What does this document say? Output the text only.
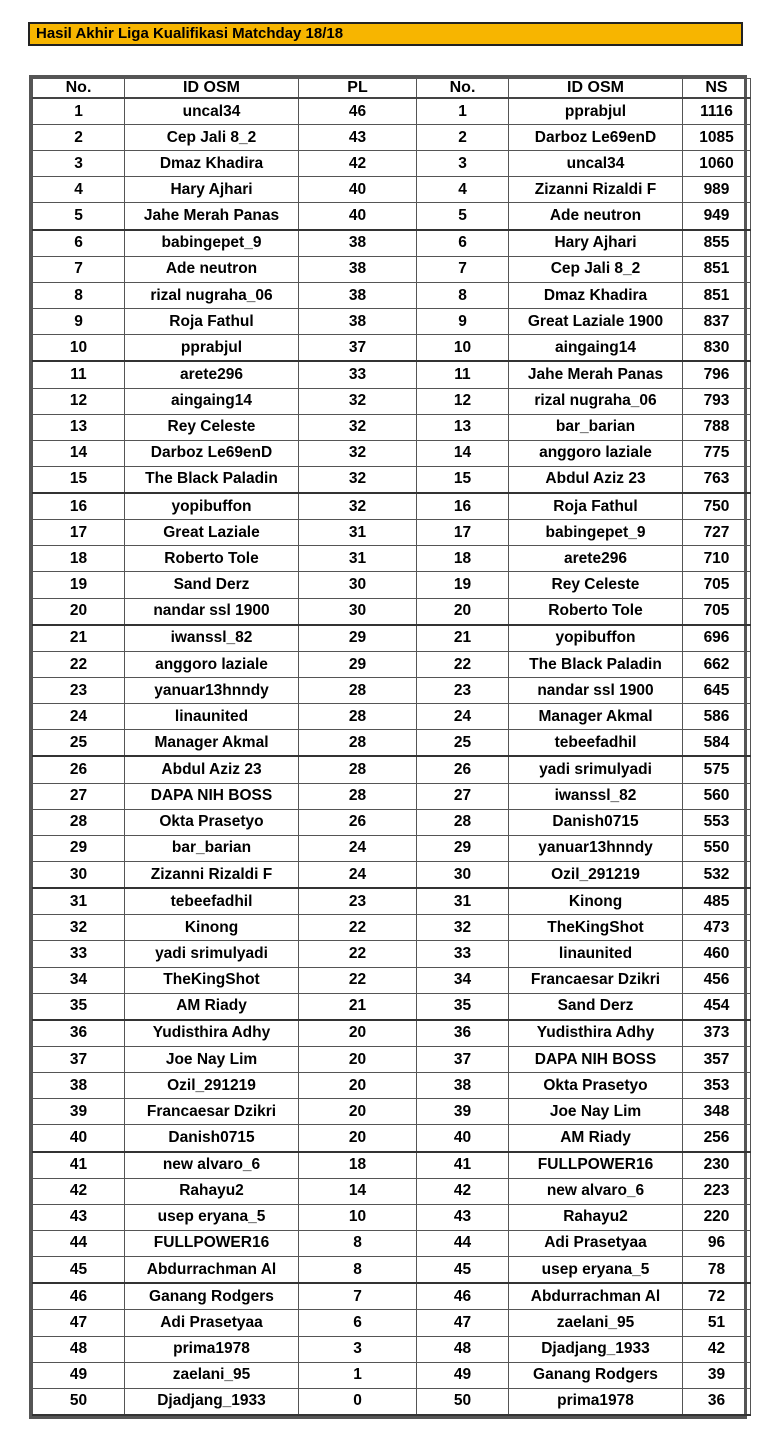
Hasil Akhir Liga Kualifikasi Matchday 18/18
No.	ID OSM	PL	No.	ID OSM	NS
1	uncal34	46	1	pprabjul	1116
2	Cep Jali 8_2	43	2	Darboz Le69enD	1085
3	Dmaz Khadira	42	3	uncal34	1060
4	Hary Ajhari	40	4	Zizanni Rizaldi F	989
5	Jahe Merah Panas	40	5	Ade neutron	949
6	babingepet_9	38	6	Hary Ajhari	855
7	Ade neutron	38	7	Cep Jali 8_2	851
8	rizal nugraha_06	38	8	Dmaz Khadira	851
9	Roja Fathul	38	9	Great Laziale 1900	837
10	pprabjul	37	10	aingaing14	830
11	arete296	33	11	Jahe Merah Panas	796
12	aingaing14	32	12	rizal nugraha_06	793
13	Rey Celeste	32	13	bar_barian	788
14	Darboz Le69enD	32	14	anggoro laziale	775
15	The Black Paladin	32	15	Abdul Aziz 23	763
16	yopibuffon	32	16	Roja Fathul	750
17	Great Laziale	31	17	babingepet_9	727
18	Roberto Tole	31	18	arete296	710
19	Sand Derz	30	19	Rey Celeste	705
20	nandar ssl 1900	30	20	Roberto Tole	705
21	iwanssl_82	29	21	yopibuffon	696
22	anggoro laziale	29	22	The Black Paladin	662
23	yanuar13hnndy	28	23	nandar ssl 1900	645
24	linaunited	28	24	Manager Akmal	586
25	Manager Akmal	28	25	tebeefadhil	584
26	Abdul Aziz 23	28	26	yadi srimulyadi	575
27	DAPA NIH BOSS	28	27	iwanssl_82	560
28	Okta Prasetyo	26	28	Danish0715	553
29	bar_barian	24	29	yanuar13hnndy	550
30	Zizanni Rizaldi F	24	30	Ozil_291219	532
31	tebeefadhil	23	31	Kinong	485
32	Kinong	22	32	TheKingShot	473
33	yadi srimulyadi	22	33	linaunited	460
34	TheKingShot	22	34	Francaesar Dzikri	456
35	AM Riady	21	35	Sand Derz	454
36	Yudisthira Adhy	20	36	Yudisthira Adhy	373
37	Joe Nay Lim	20	37	DAPA NIH BOSS	357
38	Ozil_291219	20	38	Okta Prasetyo	353
39	Francaesar Dzikri	20	39	Joe Nay Lim	348
40	Danish0715	20	40	AM Riady	256
41	new alvaro_6	18	41	FULLPOWER16	230
42	Rahayu2	14	42	new alvaro_6	223
43	usep eryana_5	10	43	Rahayu2	220
44	FULLPOWER16	8	44	Adi Prasetyaa	96
45	Abdurrachman Al	8	45	usep eryana_5	78
46	Ganang Rodgers	7	46	Abdurrachman Al	72
47	Adi Prasetyaa	6	47	zaelani_95	51
48	prima1978	3	48	Djadjang_1933	42
49	zaelani_95	1	49	Ganang Rodgers	39
50	Djadjang_1933	0	50	prima1978	36
